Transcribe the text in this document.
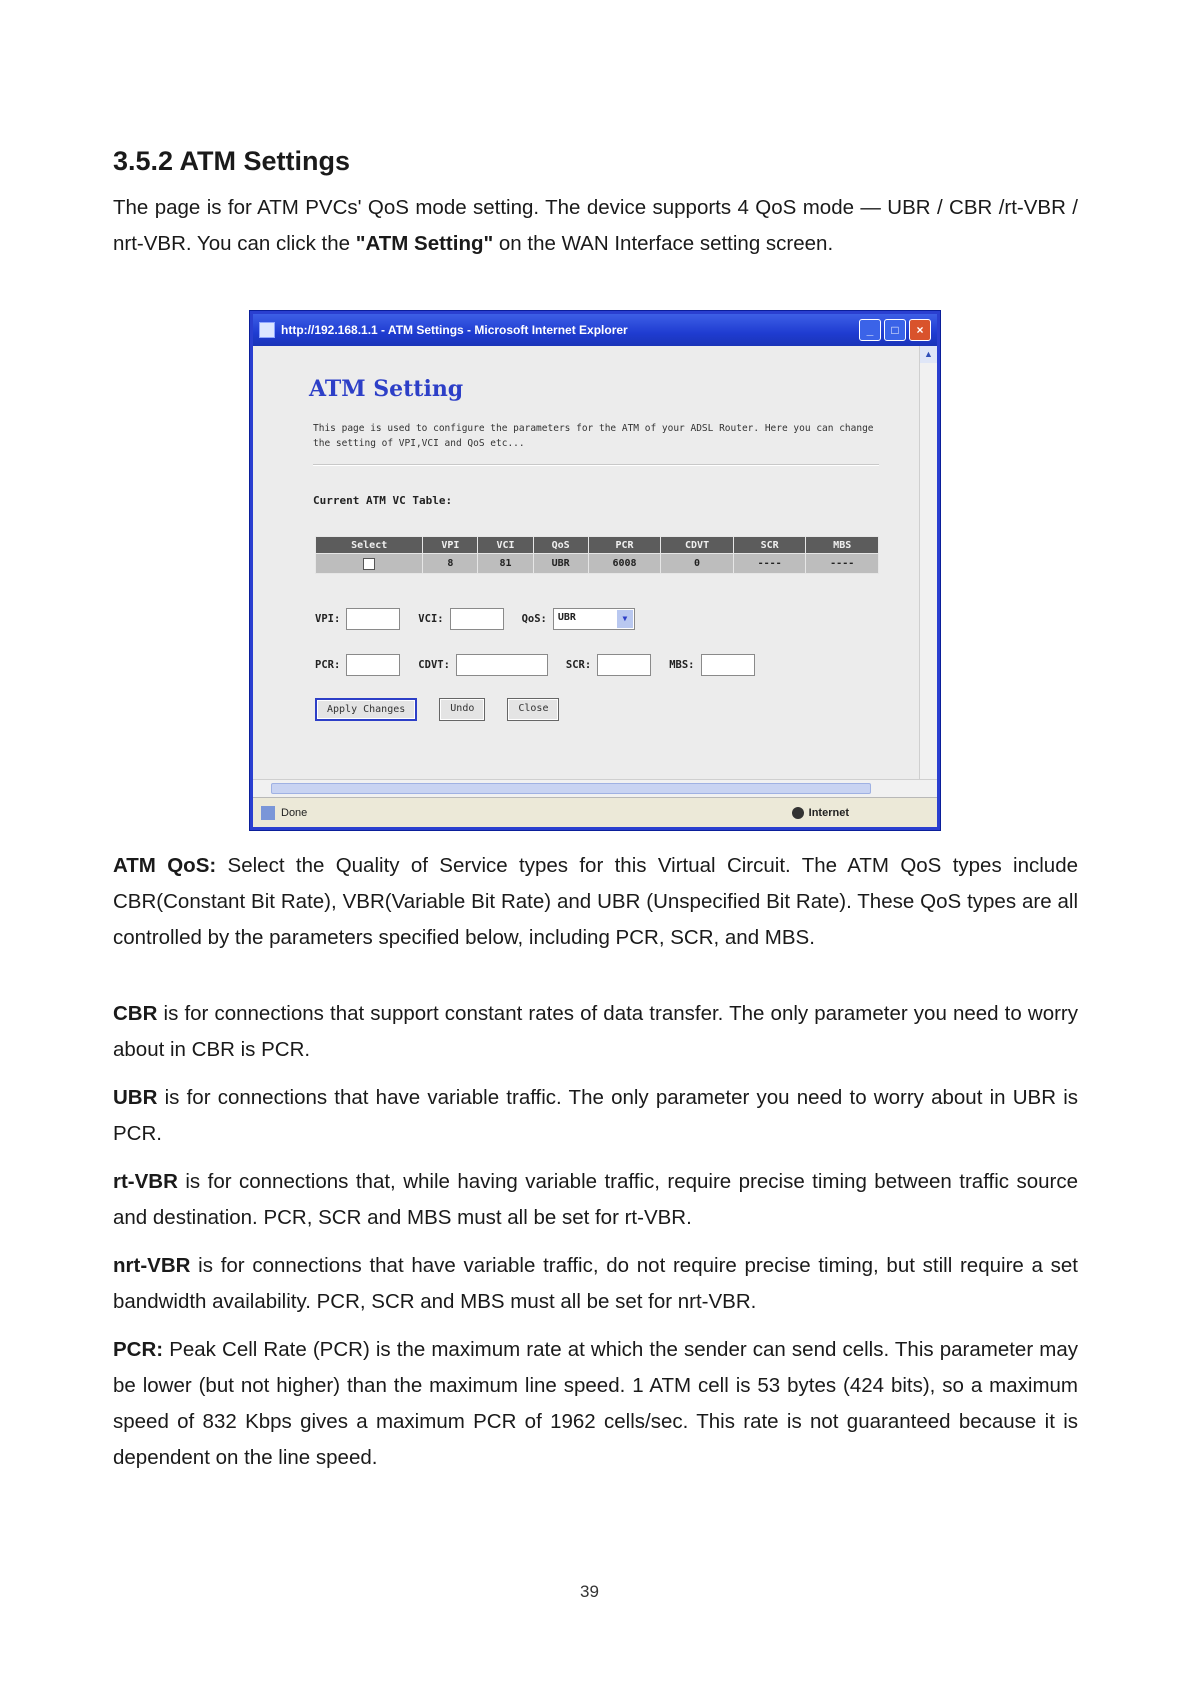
3.5.2 ATM Settings

The page is for ATM PVCs' QoS mode setting. The device supports 4 QoS mode — UBR / CBR /rt-VBR / nrt-VBR. You can click the "ATM Setting" on the WAN Interface setting screen.

http://192.168.1.1 - ATM Settings - Microsoft Internet Explorer	_	□	×
ATM Setting
This page is used to configure the parameters for the ATM of your ADSL Router. Here you can change the setting of VPI,VCI and QoS etc...
Current ATM VC Table:
Select	VPI	VCI	QoS	PCR	CDVT	SCR	MBS
	8	81	UBR	6008	0	----	----
VPI:	VCI:	QoS:	UBR	▼
PCR:	CDVT:	SCR:	MBS:
Apply Changes	Undo	Close
▲
Done	Internet

ATM QoS: Select the Quality of Service types for this Virtual Circuit. The ATM QoS types include CBR(Constant Bit Rate), VBR(Variable Bit Rate) and UBR (Unspecified Bit Rate). These QoS types are all controlled by the parameters specified below, including PCR, SCR, and MBS.

CBR is for connections that support constant rates of data transfer. The only parameter you need to worry about in CBR is PCR.

UBR is for connections that have variable traffic. The only parameter you need to worry about in UBR is PCR.

rt-VBR is for connections that, while having variable traffic, require precise timing between traffic source and destination. PCR, SCR and MBS must all be set for rt-VBR.

nrt-VBR is for connections that have variable traffic, do not require precise timing, but still require a set bandwidth availability. PCR, SCR and MBS must all be set for nrt-VBR.

PCR: Peak Cell Rate (PCR) is the maximum rate at which the sender can send cells. This parameter may be lower (but not higher) than the maximum line speed. 1 ATM cell is 53 bytes (424 bits), so a maximum speed of 832 Kbps gives a maximum PCR of 1962 cells/sec. This rate is not guaranteed because it is dependent on the line speed.

39
